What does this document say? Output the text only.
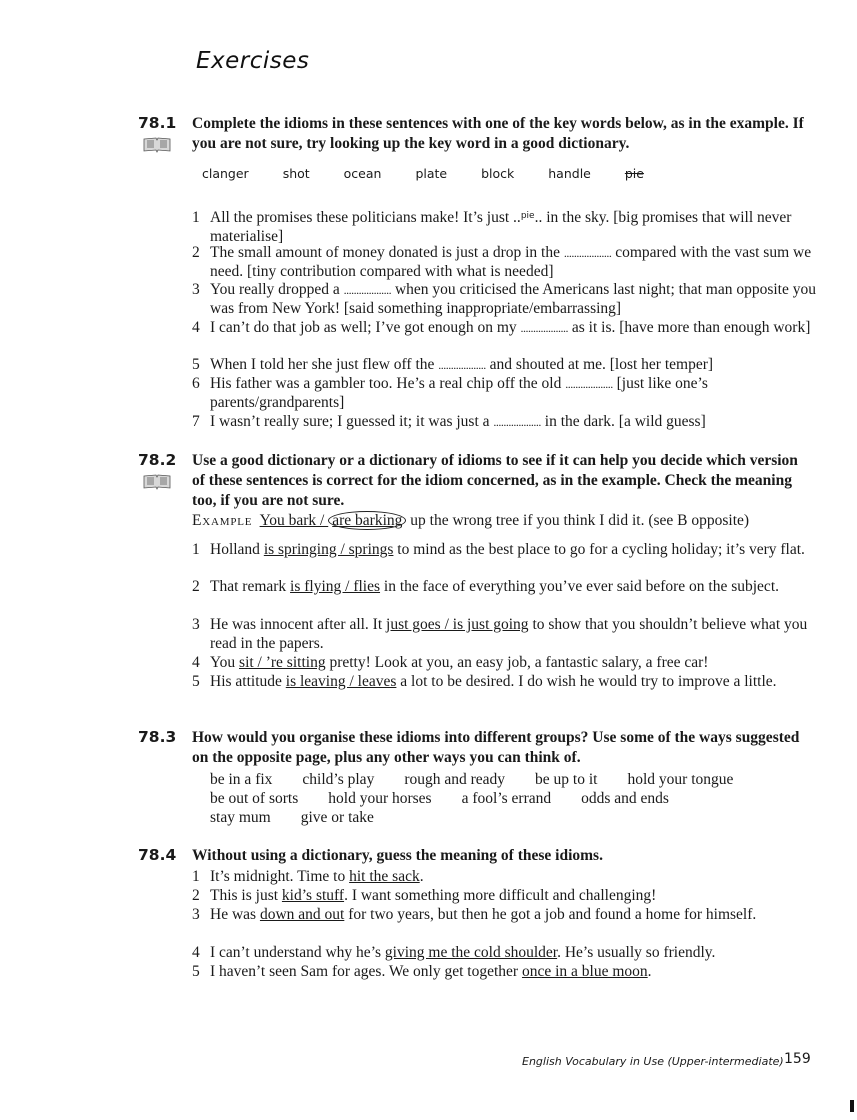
Exercises
78.1 Complete the idioms in these sentences with one of the key words below, as in the example. If you are not sure, try looking up the key word in a good dictionary.
clanger	shot	ocean	plate	block	handle	pie
1 All the promises these politicians make! It’s just ..$^{pie}$.. in the sky. [big promises that will never materialise]
2 The small amount of money donated is just a drop in the ................... compared with the vast sum we need. [tiny contribution compared with what is needed]
3 You really dropped a ................... when you criticised the Americans last night; that man opposite you was from New York! [said something inappropriate/embarrassing]
4 I can’t do that job as well; I’ve got enough on my ................... as it is. [have more than enough work]
5 When I told her she just flew off the ................... and shouted at me. [lost her temper]
6 His father was a gambler too. He’s a real chip off the old ................... [just like one’s parents/grandparents]
7 I wasn’t really sure; I guessed it; it was just a ................... in the dark. [a wild guess]
78.2 Use a good dictionary or a dictionary of idioms to see if it can help you decide which version of these sentences is correct for the idiom concerned, as in the example. Check the meaning too, if you are not sure.
Example You bark / are barking up the wrong tree if you think I did it. (see B opposite)
1 Holland is springing / springs to mind as the best place to go for a cycling holiday; it’s very flat.
2 That remark is flying / flies in the face of everything you’ve ever said before on the subject.
3 He was innocent after all. It just goes / is just going to show that you shouldn’t believe what you read in the papers.
4 You sit / ’re sitting pretty! Look at you, an easy job, a fantastic salary, a free car!
5 His attitude is leaving / leaves a lot to be desired. I do wish he would try to improve a little.
78.3 How would you organise these idioms into different groups? Use some of the ways suggested on the opposite page, plus any other ways you can think of.
be in a fix child’s play rough and ready be up to it hold your tongue
be out of sorts hold your horses a fool’s errand odds and ends
stay mum give or take
78.4 Without using a dictionary, guess the meaning of these idioms.
1 It’s midnight. Time to hit the sack.
2 This is just kid’s stuff. I want something more difficult and challenging!
3 He was down and out for two years, but then he got a job and found a home for himself.
4 I can’t understand why he’s giving me the cold shoulder. He’s usually so friendly.
5 I haven’t seen Sam for ages. We only get together once in a blue moon.
English Vocabulary in Use (Upper-intermediate) 159
